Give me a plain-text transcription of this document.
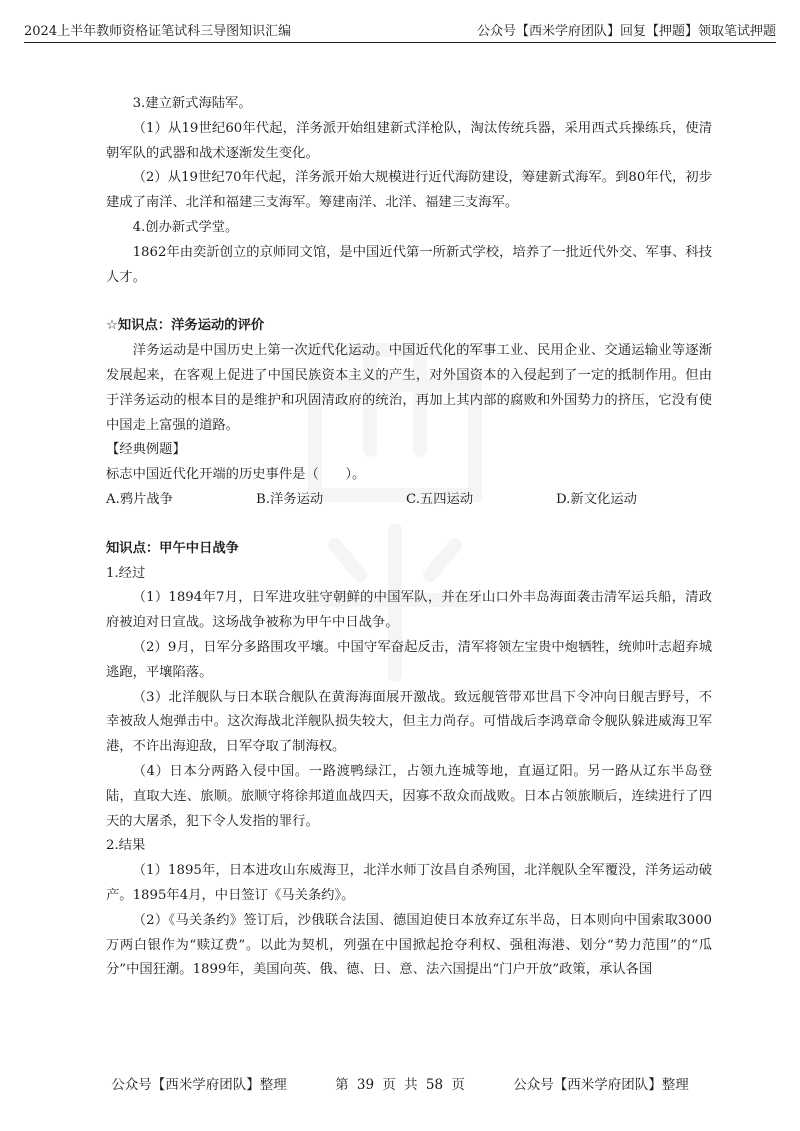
2024上半年教师资格证笔试科三导图知识汇编	公众号【西米学府团队】回复【押题】领取笔试押题

3.建立新式海陆军。

（1）从19世纪60年代起，洋务派开始组建新式洋枪队，淘汰传统兵器，采用西式兵操练兵，使清朝军队的武器和战术逐渐发生变化。

（2）从19世纪70年代起，洋务派开始大规模进行近代海防建设，筹建新式海军。到80年代，初步建成了南洋、北洋和福建三支海军。筹建南洋、北洋、福建三支海军。

4.创办新式学堂。

1862年由奕訢创立的京师同文馆，是中国近代第一所新式学校，培养了一批近代外交、军事、科技人才。

☆知识点：洋务运动的评价

洋务运动是中国历史上第一次近代化运动。中国近代化的军事工业、民用企业、交通运输业等逐渐发展起来，在客观上促进了中国民族资本主义的产生，对外国资本的入侵起到了一定的抵制作用。但由于洋务运动的根本目的是维护和巩固清政府的统治，再加上其内部的腐败和外国势力的挤压，它没有使中国走上富强的道路。

【经典例题】

标志中国近代化开端的历史事件是（　　）。

A.鸦片战争	B.洋务运动	C.五四运动	D.新文化运动

知识点：甲午中日战争

1.经过

（1）1894年7月，日军进攻驻守朝鲜的中国军队，并在牙山口外丰岛海面袭击清军运兵船，清政府被迫对日宣战。这场战争被称为甲午中日战争。

（2）9月，日军分多路围攻平壤。中国守军奋起反击，清军将领左宝贵中炮牺牲，统帅叶志超弃城逃跑，平壤陷落。

（3）北洋舰队与日本联合舰队在黄海海面展开激战。致远舰管带邓世昌下令冲向日舰吉野号，不幸被敌人炮弹击中。这次海战北洋舰队损失较大，但主力尚存。可惜战后李鸿章命令舰队躲进威海卫军港，不许出海迎敌，日军夺取了制海权。

（4）日本分两路入侵中国。一路渡鸭绿江，占领九连城等地，直逼辽阳。另一路从辽东半岛登陆，直取大连、旅顺。旅顺守将徐邦道血战四天，因寡不敌众而战败。日本占领旅顺后，连续进行了四天的大屠杀，犯下令人发指的罪行。

2.结果

（1）1895年，日本进攻山东威海卫，北洋水师丁汝昌自杀殉国，北洋舰队全军覆没，洋务运动破产。1895年4月，中日签订《马关条约》。

（2）《马关条约》签订后，沙俄联合法国、德国迫使日本放弃辽东半岛，日本则向中国索取3000万两白银作为“赎辽费”。以此为契机，列强在中国掀起抢夺利权、强租海港、划分“势力范围”的“瓜分”中国狂潮。1899年，美国向英、俄、德、日、意、法六国提出“门户开放”政策，承认各国

公众号【西米学府团队】整理	第 39 页 共 58 页	公众号【西米学府团队】整理
